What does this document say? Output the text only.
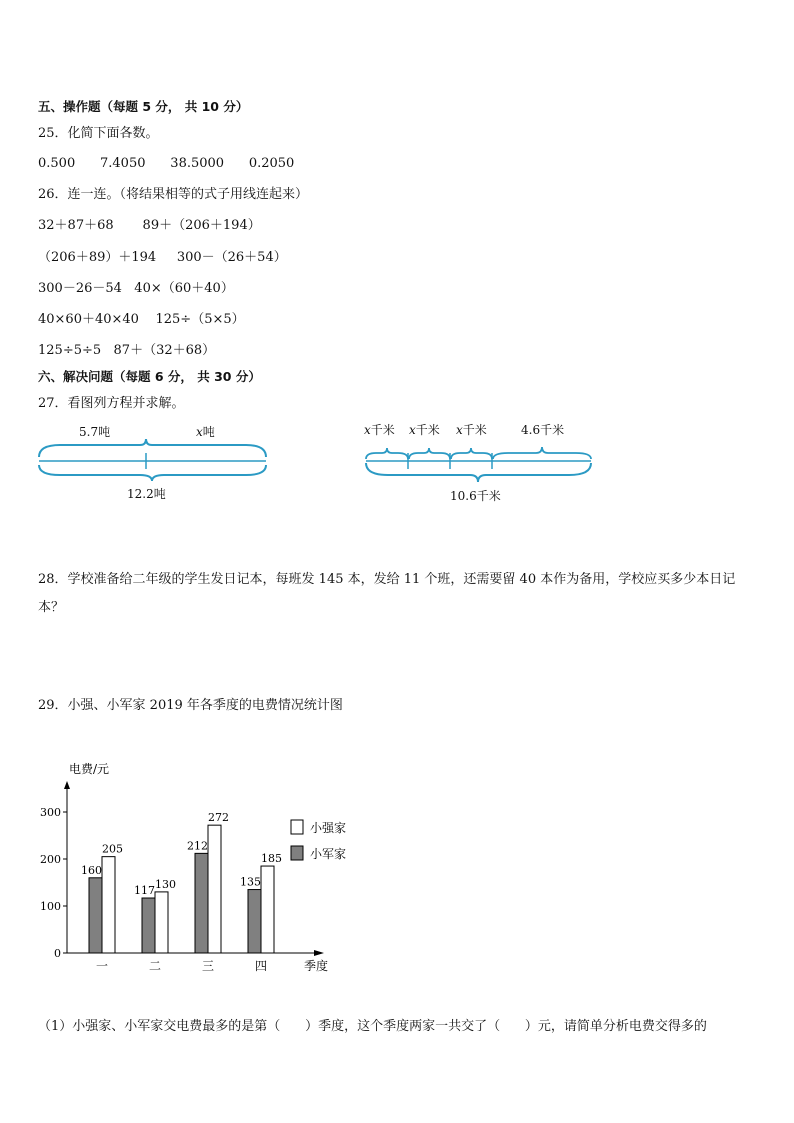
五、操作题（每题 5 分， 共 10 分）
25．化简下面各数。
0.500      7.4050      38.5000      0.2050
26．连一连。（将结果相等的式子用线连起来）
32＋87＋68       89＋（206＋194）
（206＋89）＋194     300－（26＋54）
300－26－54   40×（60＋40）
40×60＋40×40    125÷（5×5）
125÷5÷5   87＋（32＋68）
六、解决问题（每题 6 分， 共 30 分）
27．看图列方程并求解。
5.7吨	x吨
12.2吨
x千米 x千米 x千米	4.6千米
10.6千米
28．学校准备给二年级的学生发日记本，每班发 145 本，发给 11 个班，还需要留 40 本作为备用，学校应买多少本日记本？
29．小强、小军家 2019 年各季度的电费情况统计图
电费/元
季度
0
100
200
300
一
160
205
二
117 130
三
212
272
四
135
185
小强家
小军家
（1）小强家、小军家交电费最多的是第（      ）季度，这个季度两家一共交了（      ）元，请简单分析电费交得多的
